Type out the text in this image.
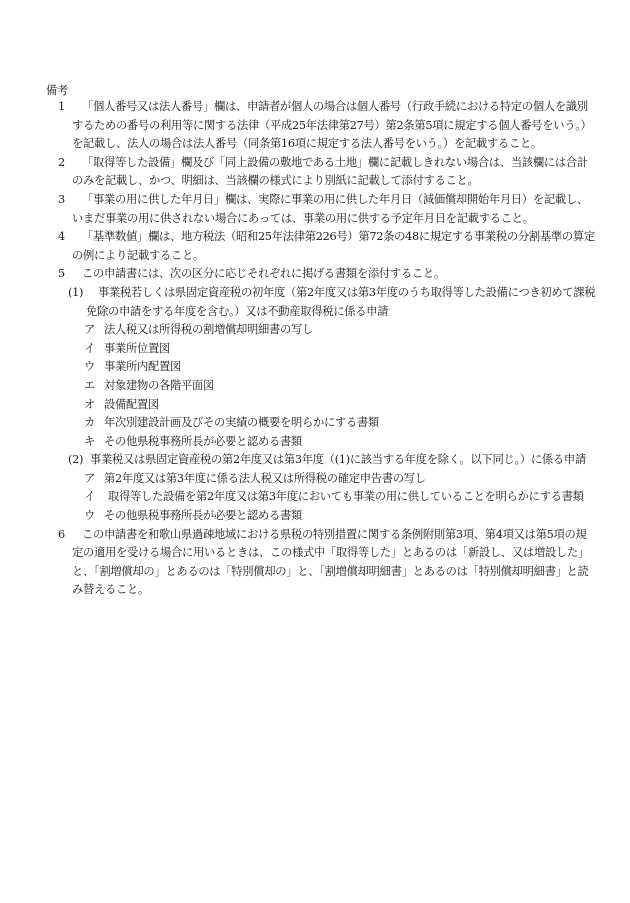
備考
1	「個人番号又は法人番号」欄は、申請者が個人の場合は個人番号（行政手続における特定の個人を識別するための番号の利用等に関する法律（平成25年法律第27号）第2条第5項に規定する個人番号をいう。）を記載し、法人の場合は法人番号（同条第16項に規定する法人番号をいう。）を記載すること。
2	「取得等した設備」欄及び「同上設備の敷地である土地」欄に記載しきれない場合は、当該欄には合計のみを記載し、かつ、明細は、当該欄の様式により別紙に記載して添付すること。
3	「事業の用に供した年月日」欄は、実際に事業の用に供した年月日（減価償却開始年月日）を記載し、いまだ事業の用に供されない場合にあっては、事業の用に供する予定年月日を記載すること。
4	「基準数値」欄は、地方税法（昭和25年法律第226号）第72条の48に規定する事業税の分割基準の算定の例により記載すること。
5	この申請書には、次の区分に応じそれぞれに掲げる書類を添付すること。
(1)	事業税若しくは県固定資産税の初年度（第2年度又は第3年度のうち取得等した設備につき初めて課税免除の申請をする年度を含む。）又は不動産取得税に係る申請
ア 法人税又は所得税の割増償却明細書の写し
イ 事業所位置図
ウ 事業所内配置図
エ 対象建物の各階平面図
オ 設備配置図
カ 年次別建設計画及びその実績の概要を明らかにする書類
キ その他県税事務所長が必要と認める書類
(2) 事業税又は県固定資産税の第2年度又は第3年度（(1)に該当する年度を除く。以下同じ。）に係る申請
ア 第2年度又は第3年度に係る法人税又は所得税の確定申告書の写し
イ	取得等した設備を第2年度又は第3年度においても事業の用に供していることを明らかにする書類
ウ その他県税事務所長が必要と認める書類
6	この申請書を和歌山県過疎地域における県税の特別措置に関する条例附則第3項、第4項又は第5項の規定の適用を受ける場合に用いるときは、この様式中「取得等した」とあるのは「新設し、又は増設した」と、「割増償却の」とあるのは「特別償却の」と、「割増償却明細書」とあるのは「特別償却明細書」と読み替えること。
